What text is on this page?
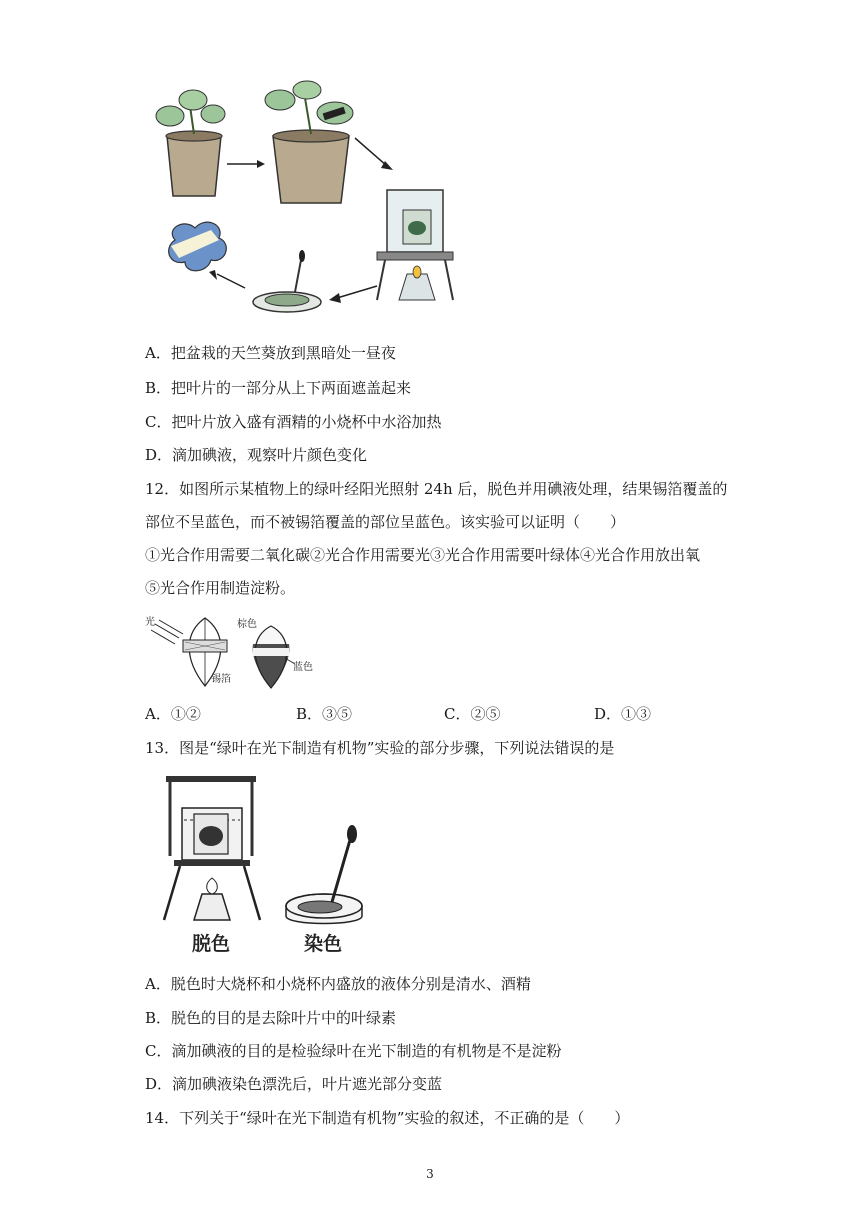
A．把盆栽的天竺葵放到黑暗处一昼夜
B．把叶片的一部分从上下两面遮盖起来
C．把叶片放入盛有酒精的小烧杯中水浴加热
D．滴加碘液，观察叶片颜色变化
12．如图所示某植物上的绿叶经阳光照射 24h 后，脱色并用碘液处理，结果锡箔覆盖的
部位不呈蓝色，而不被锡箔覆盖的部位呈蓝色。该实验可以证明（　　）
①光合作用需要二氧化碳②光合作用需要光③光合作用需要叶绿体④光合作用放出氧
⑤光合作用制造淀粉。
光
锡箔
棕色
蓝色
A．①②	B．③⑤	C．②⑤	D．①③
13．图是“绿叶在光下制造有机物”实验的部分步骤，下列说法错误的是
脱色	染色
A．脱色时大烧杯和小烧杯内盛放的液体分别是清水、酒精
B．脱色的目的是去除叶片中的叶绿素
C．滴加碘液的目的是检验绿叶在光下制造的有机物是不是淀粉
D．滴加碘液染色漂洗后，叶片遮光部分变蓝
14．下列关于“绿叶在光下制造有机物”实验的叙述，不正确的是（　　）
3
